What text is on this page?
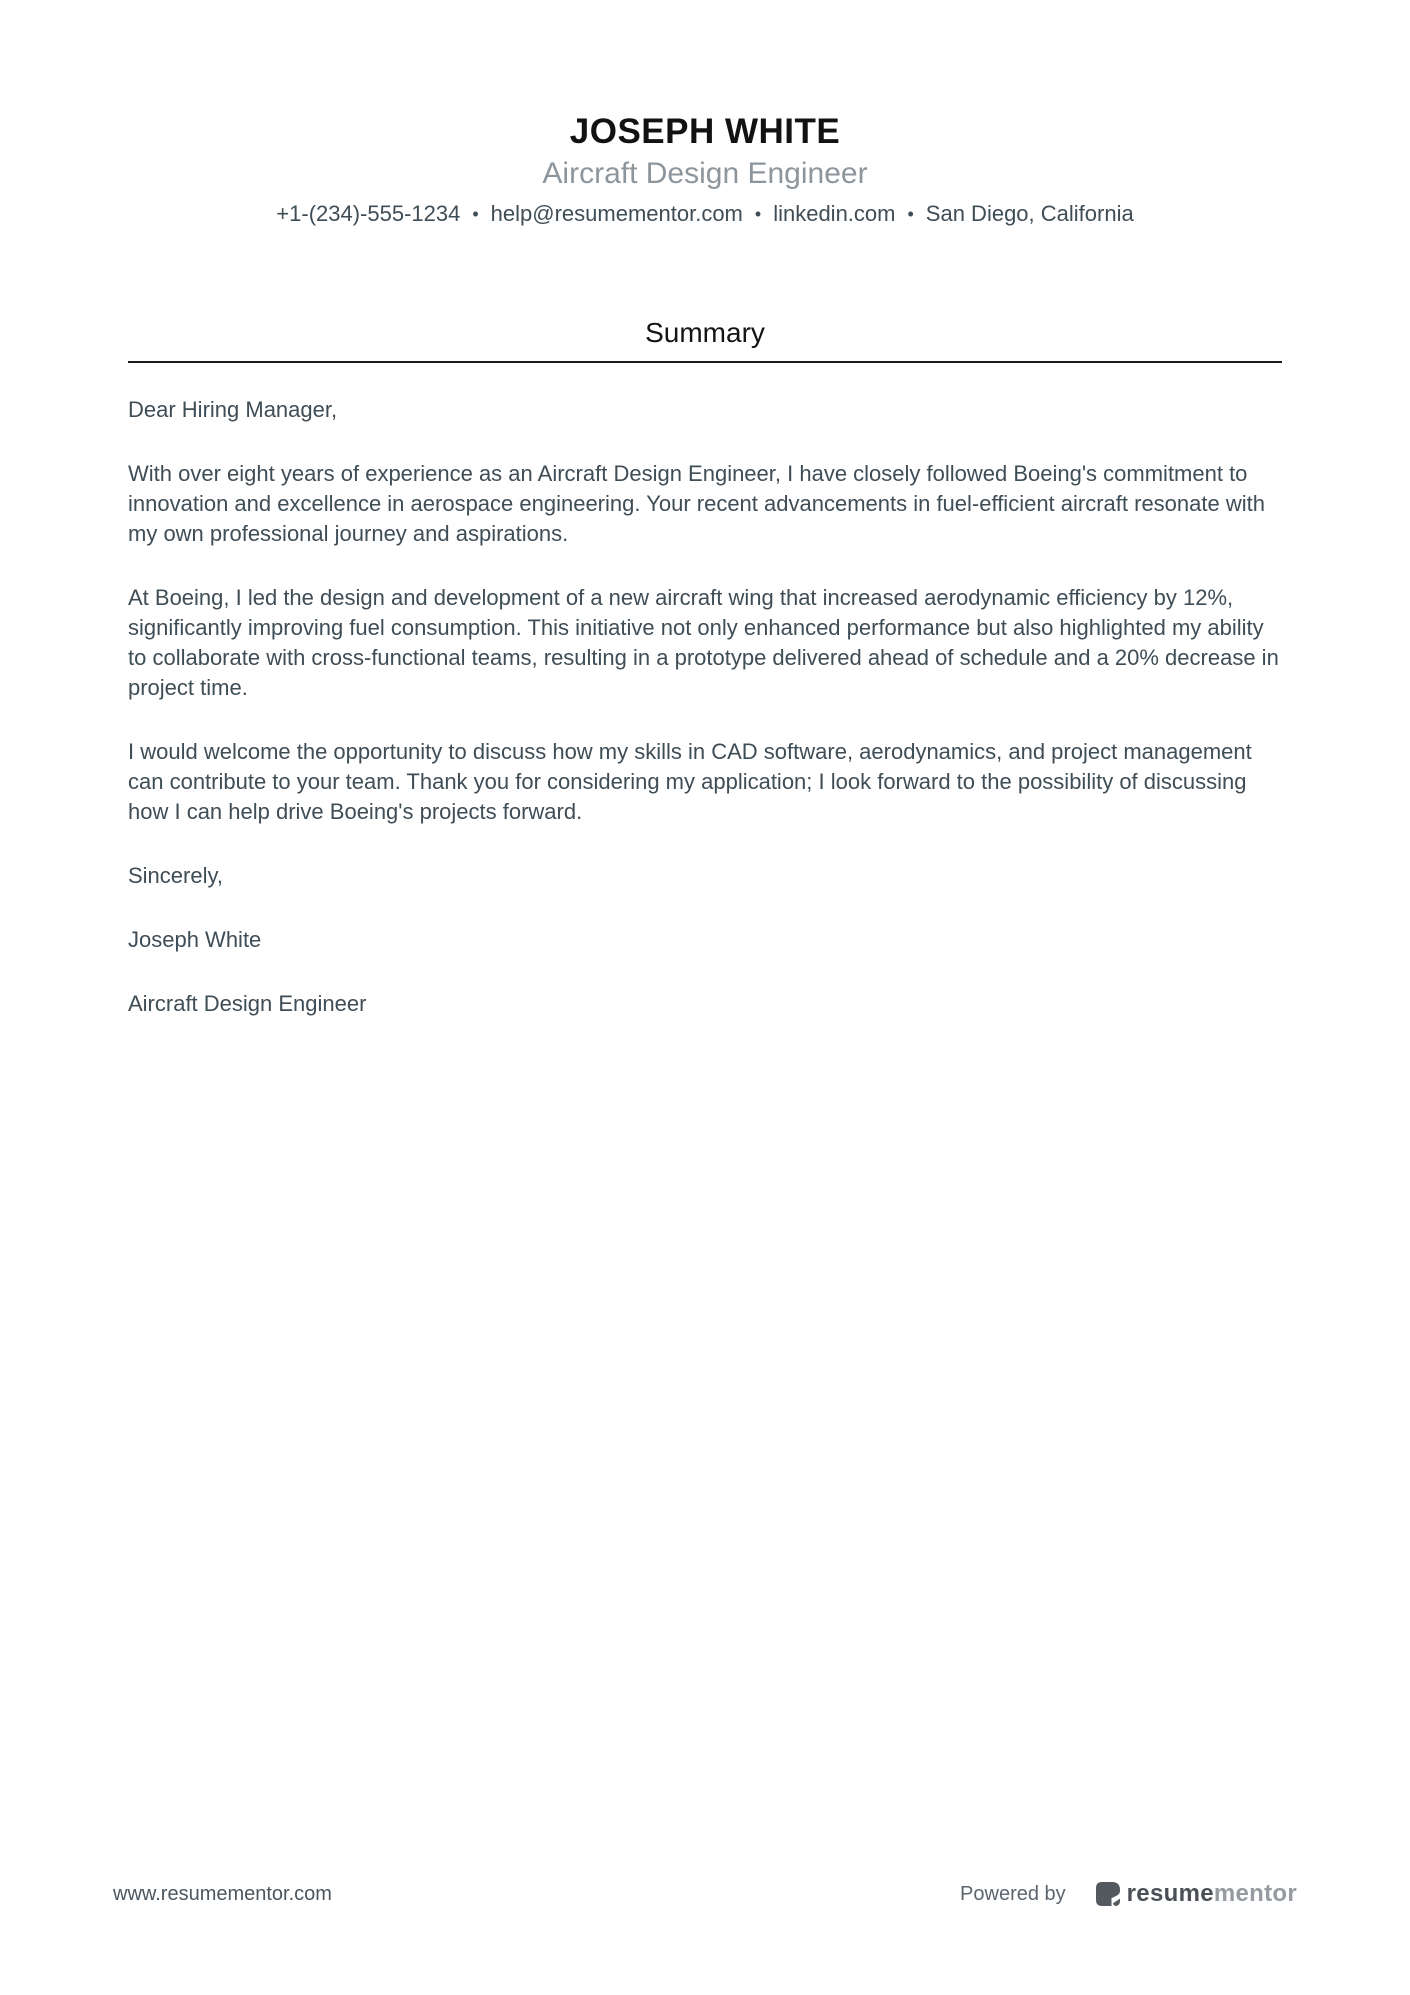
JOSEPH WHITE
Aircraft Design Engineer
+1-(234)-555-1234 • help@resumementor.com • linkedin.com • San Diego, California
Summary

Dear Hiring Manager,

With over eight years of experience as an Aircraft Design Engineer, I have closely followed Boeing's commitment to innovation and excellence in aerospace engineering. Your recent advancements in fuel-efficient aircraft resonate with my own professional journey and aspirations.

At Boeing, I led the design and development of a new aircraft wing that increased aerodynamic efficiency by 12%, significantly improving fuel consumption. This initiative not only enhanced performance but also highlighted my ability to collaborate with cross-functional teams, resulting in a prototype delivered ahead of schedule and a 20% decrease in project time.

I would welcome the opportunity to discuss how my skills in CAD software, aerodynamics, and project management can contribute to your team. Thank you for considering my application; I look forward to the possibility of discussing how I can help drive Boeing's projects forward.

Sincerely,

Joseph White

Aircraft Design Engineer

www.resumementor.com	Powered by	resumementor
